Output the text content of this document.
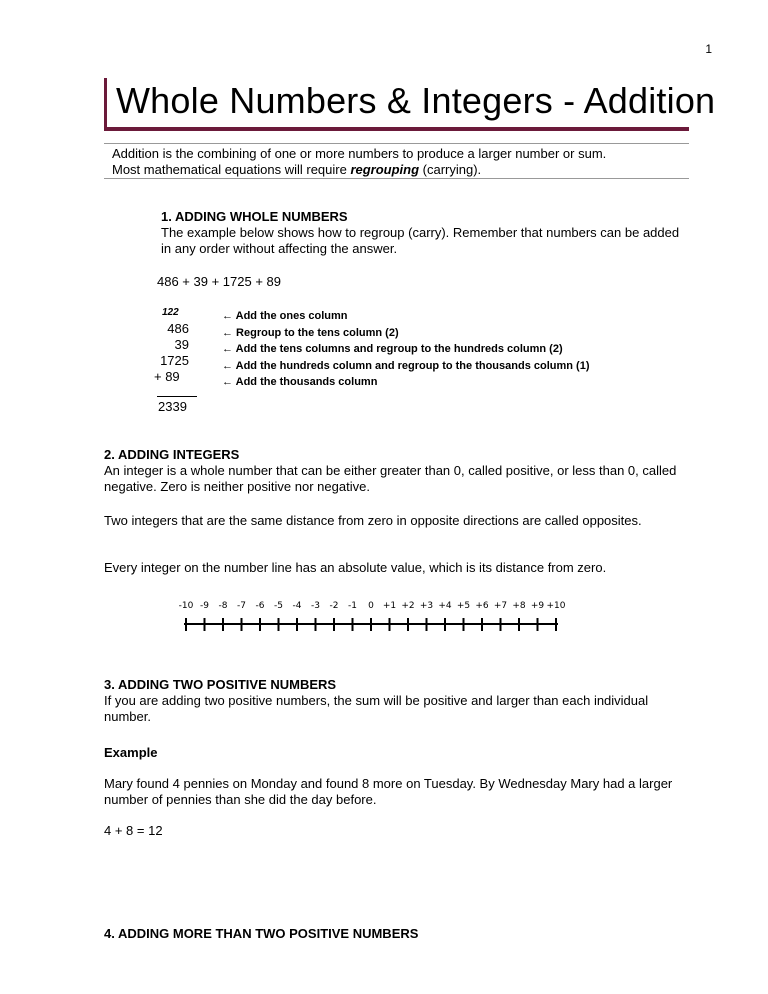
1
Whole Numbers & Integers - Addition
Addition is the combining of one or more numbers to produce a larger number or sum.
Most mathematical equations will require regrouping (carrying).
1. ADDING WHOLE NUMBERS
The example below shows how to regroup (carry). Remember that numbers can be added in any order without affecting the answer.
486 + 39 + 1725 + 89
122
486
39
1725
+ 89
2339
← Add the ones column
← Regroup to the tens column (2)
← Add the tens columns and regroup to the hundreds column (2)
← Add the hundreds column and regroup to the thousands column (1)
← Add the thousands column
2. ADDING INTEGERS
An integer is a whole number that can be either greater than 0, called positive, or less than 0, called negative. Zero is neither positive nor negative.
Two integers that are the same distance from zero in opposite directions are called opposites.
Every integer on the number line has an absolute value, which is its distance from zero.
-10 -9 -8 -7 -6 -5 -4 -3 -2 -1 0 +1 +2 +3 +4 +5 +6 +7 +8 +9 +10
3. ADDING TWO POSITIVE NUMBERS
If you are adding two positive numbers, the sum will be positive and larger than each individual number.
Example
Mary found 4 pennies on Monday and found 8 more on Tuesday. By Wednesday Mary had a larger number of pennies than she did the day before.
4 + 8 = 12
4. ADDING MORE THAN TWO POSITIVE NUMBERS
